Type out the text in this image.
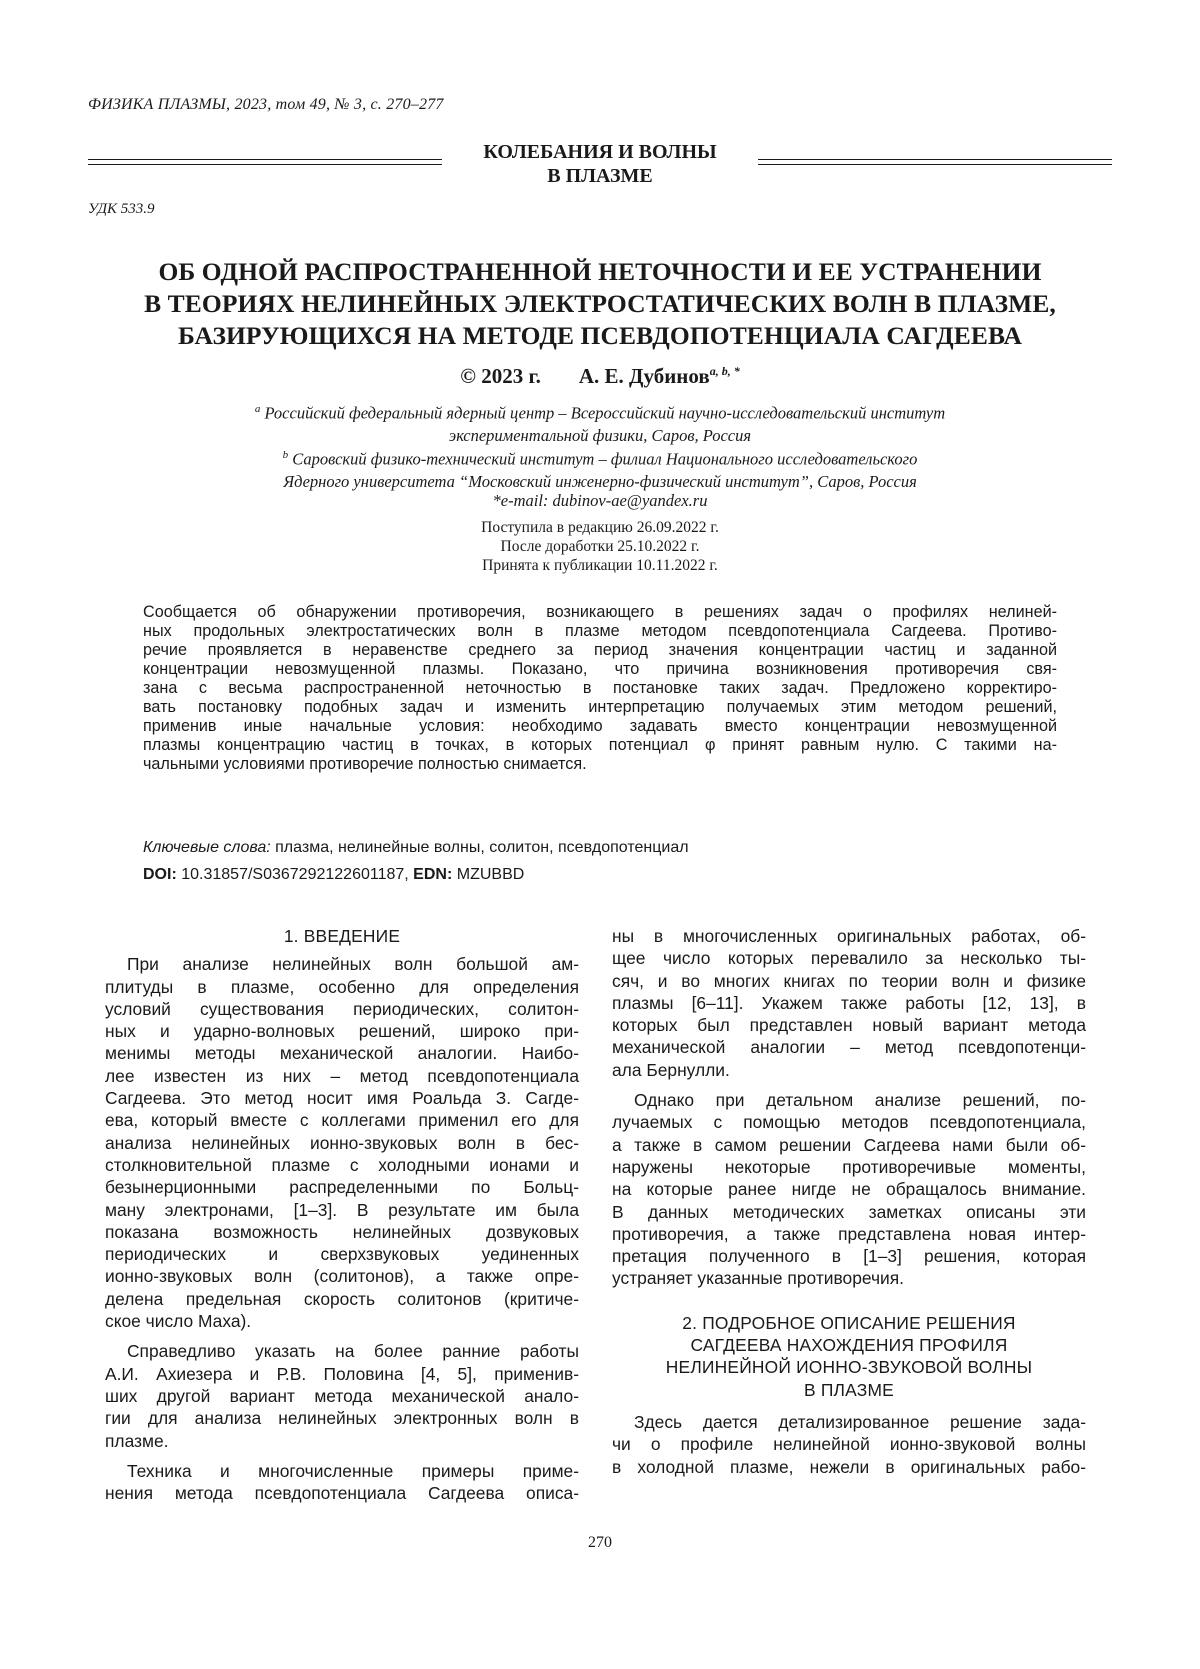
ФИЗИКА ПЛАЗМЫ, 2023, том 49, № 3, с. 270–277
КОЛЕБАНИЯ И ВОЛНЫ
В ПЛАЗМЕ
УДК 533.9
ОБ ОДНОЙ РАСПРОСТРАНЕННОЙ НЕТОЧНОСТИ И ЕЕ УСТРАНЕНИИ
В ТЕОРИЯХ НЕЛИНЕЙНЫХ ЭЛЕКТРОСТАТИЧЕСКИХ ВОЛН В ПЛАЗМЕ,
БАЗИРУЮЩИХСЯ НА МЕТОДЕ ПСЕВДОПОТЕНЦИАЛА САГДЕЕВА
© 2023 г. А. Е. Дубинов$^{a, b, *}$
$^a$ Российский федеральный ядерный центр – Всероссийский научно-исследовательский институт
экспериментальной физики, Саров, Россия
$^b$ Саровский физико-технический институт – филиал Национального исследовательского
Ядерного университета “Московский инженерно-физический институт”, Саров, Россия
*e-mail: dubinov-ae@yandex.ru
Поступила в редакцию 26.09.2022 г.
После доработки 25.10.2022 г.
Принята к публикации 10.11.2022 г.
Сообщается об обнаружении противоречия, возникающего в решениях задач о профилях нелиней-
ных продольных электростатических волн в плазме методом псевдопотенциала Сагдеева. Противо-
речие проявляется в неравенстве среднего за период значения концентрации частиц и заданной
концентрации невозмущенной плазмы. Показано, что причина возникновения противоречия свя-
зана с весьма распространенной неточностью в постановке таких задач. Предложено корректиро-
вать постановку подобных задач и изменить интерпретацию получаемых этим методом решений,
применив иные начальные условия: необходимо задавать вместо концентрации невозмущенной
плазмы концентрацию частиц в точках, в которых потенциал φ принят равным нулю. С такими на-
чальными условиями противоречие полностью снимается.
Ключевые слова: плазма, нелинейные волны, солитон, псевдопотенциал
DOI: 10.31857/S0367292122601187, EDN: MZUBBD
1. ВВЕДЕНИЕ
При анализе нелинейных волн большой ам-
плитуды в плазме, особенно для определения
условий существования периодических, солитон-
ных и ударно-волновых решений, широко при-
менимы методы механической аналогии. Наибо-
лее известен из них – метод псевдопотенциала
Сагдеева. Это метод носит имя Роальда З. Сагде-
ева, который вместе с коллегами применил его для
анализа нелинейных ионно-звуковых волн в бес-
столкновительной плазме с холодными ионами и
безынерционными распределенными по Больц-
ману электронами, [1–3]. В результате им была
показана возможность нелинейных дозвуковых
периодических и сверхзвуковых уединенных
ионно-звуковых волн (солитонов), а также опре-
делена предельная скорость солитонов (критиче-
ское число Маха).
Справедливо указать на более ранние работы
А.И. Ахиезера и Р.В. Половина [4, 5], применив-
ших другой вариант метода механической анало-
гии для анализа нелинейных электронных волн в
плазме.
Техника и многочисленные примеры приме-
нения метода псевдопотенциала Сагдеева описа-
ны в многочисленных оригинальных работах, об-
щее число которых перевалило за несколько ты-
сяч, и во многих книгах по теории волн и физике
плазмы [6–11]. Укажем также работы [12, 13], в
которых был представлен новый вариант метода
механической аналогии – метод псевдопотенци-
ала Бернулли.
Однако при детальном анализе решений, по-
лучаемых с помощью методов псевдопотенциала,
а также в самом решении Сагдеева нами были об-
наружены некоторые противоречивые моменты,
на которые ранее нигде не обращалось внимание.
В данных методических заметках описаны эти
противоречия, а также представлена новая интер-
претация полученного в [1–3] решения, которая
устраняет указанные противоречия.
2. ПОДРОБНОЕ ОПИСАНИЕ РЕШЕНИЯ
САГДЕЕВА НАХОЖДЕНИЯ ПРОФИЛЯ
НЕЛИНЕЙНОЙ ИОННО-ЗВУКОВОЙ ВОЛНЫ
В ПЛАЗМЕ
Здесь дается детализированное решение зада-
чи о профиле нелинейной ионно-звуковой волны
в холодной плазме, нежели в оригинальных рабо-
270
